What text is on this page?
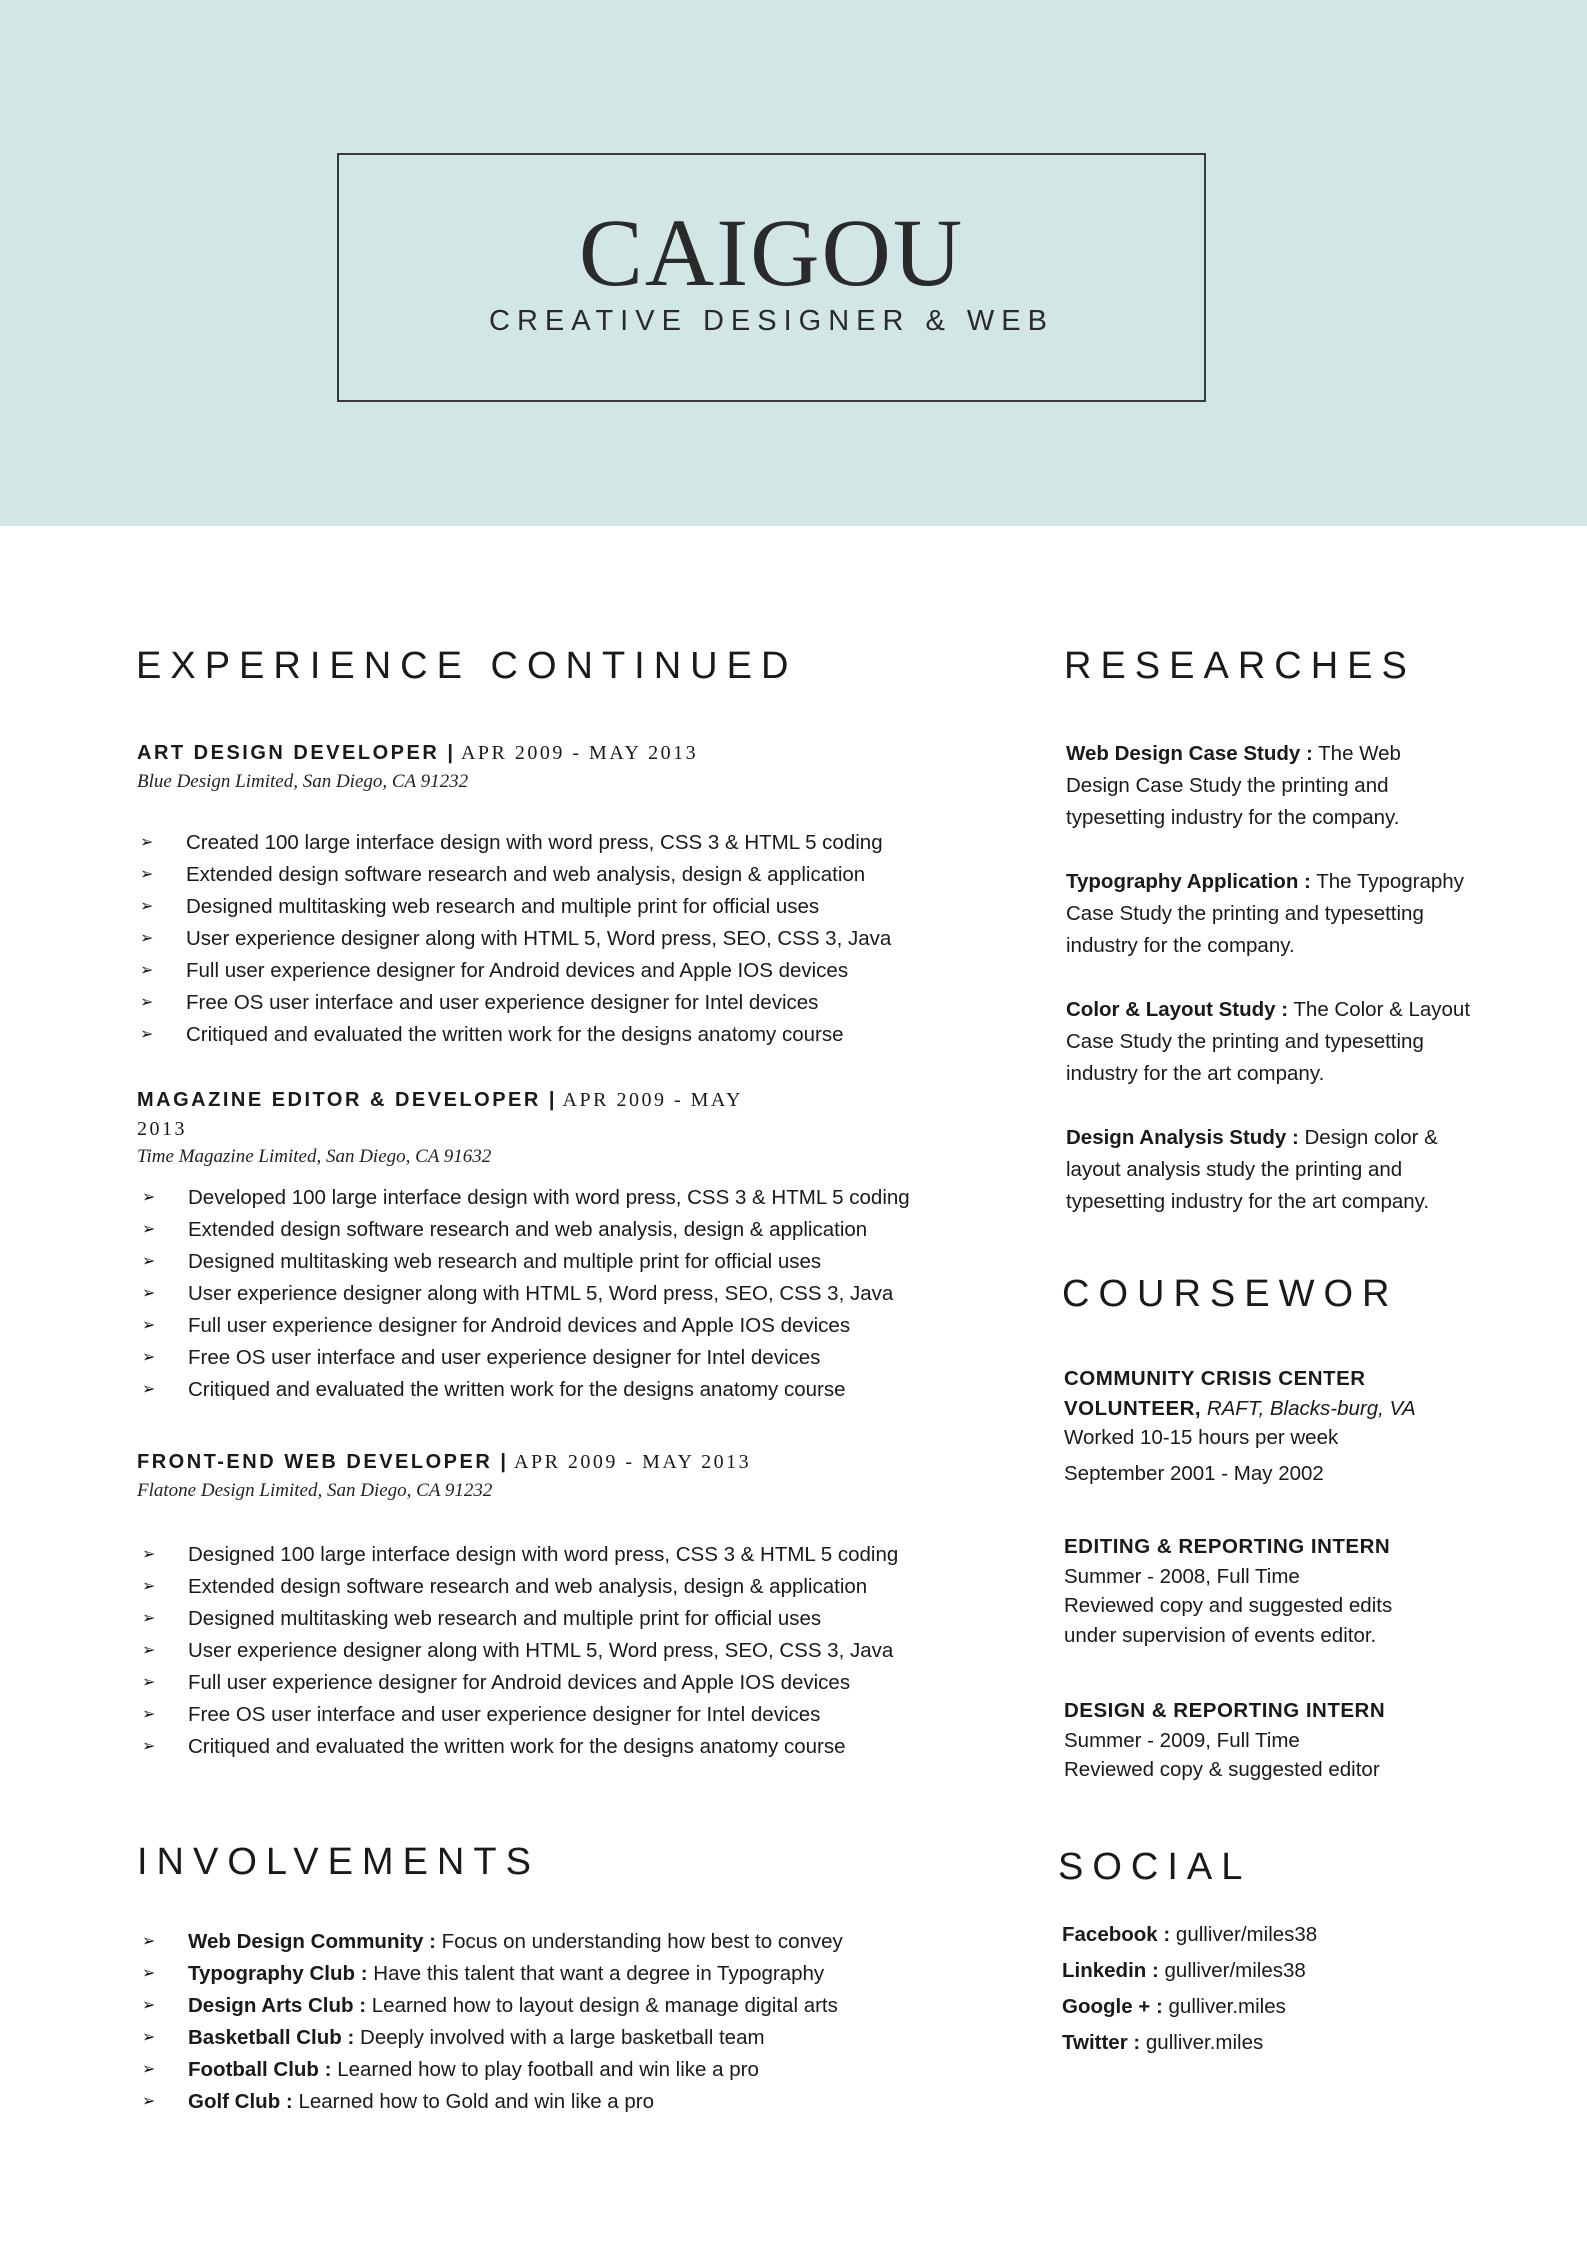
CAIGOU
CREATIVE DESIGNER & WEB
EXPERIENCE CONTINUED
ART DESIGN DEVELOPER | APR 2009 - MAY 2013
Blue Design Limited, San Diego, CA 91232
➢ Created 100 large interface design with word press, CSS 3 & HTML 5 coding
➢ Extended design software research and web analysis, design & application
➢ Designed multitasking web research and multiple print for official uses
➢ User experience designer along with HTML 5, Word press, SEO, CSS 3, Java
➢ Full user experience designer for Android devices and Apple IOS devices
➢ Free OS user interface and user experience designer for Intel devices
➢ Critiqued and evaluated the written work for the designs anatomy course
MAGAZINE EDITOR & DEVELOPER | APR 2009 - MAY
2013
Time Magazine Limited, San Diego, CA 91632
➢ Developed 100 large interface design with word press, CSS 3 & HTML 5 coding
➢ Extended design software research and web analysis, design & application
➢ Designed multitasking web research and multiple print for official uses
➢ User experience designer along with HTML 5, Word press, SEO, CSS 3, Java
➢ Full user experience designer for Android devices and Apple IOS devices
➢ Free OS user interface and user experience designer for Intel devices
➢ Critiqued and evaluated the written work for the designs anatomy course
FRONT-END WEB DEVELOPER | APR 2009 - MAY 2013
Flatone Design Limited, San Diego, CA 91232
➢ Designed 100 large interface design with word press, CSS 3 & HTML 5 coding
➢ Extended design software research and web analysis, design & application
➢ Designed multitasking web research and multiple print for official uses
➢ User experience designer along with HTML 5, Word press, SEO, CSS 3, Java
➢ Full user experience designer for Android devices and Apple IOS devices
➢ Free OS user interface and user experience designer for Intel devices
➢ Critiqued and evaluated the written work for the designs anatomy course
INVOLVEMENTS
➢ Web Design Community : Focus on understanding how best to convey
➢ Typography Club : Have this talent that want a degree in Typography
➢ Design Arts Club : Learned how to layout design & manage digital arts
➢ Basketball Club : Deeply involved with a large basketball team
➢ Football Club : Learned how to play football and win like a pro
➢ Golf Club : Learned how to Gold and win like a pro
RESEARCHES
Web Design Case Study : The Web
Design Case Study the printing and
typesetting industry for the company.
Typography Application : The Typography
Case Study the printing and typesetting
industry for the company.
Color & Layout Study : The Color & Layout
Case Study the printing and typesetting
industry for the art company.
Design Analysis Study : Design color &
layout analysis study the printing and
typesetting industry for the art company.
COURSEWOR
COMMUNITY CRISIS CENTER
VOLUNTEER, RAFT, Blacks-burg, VA
Worked 10-15 hours per week
September 2001 - May 2002
EDITING & REPORTING INTERN
Summer - 2008, Full Time
Reviewed copy and suggested edits
under supervision of events editor.
DESIGN & REPORTING INTERN
Summer - 2009, Full Time
Reviewed copy & suggested editor
SOCIAL
Facebook : gulliver/miles38
Linkedin : gulliver/miles38
Google + : gulliver.miles
Twitter : gulliver.miles
